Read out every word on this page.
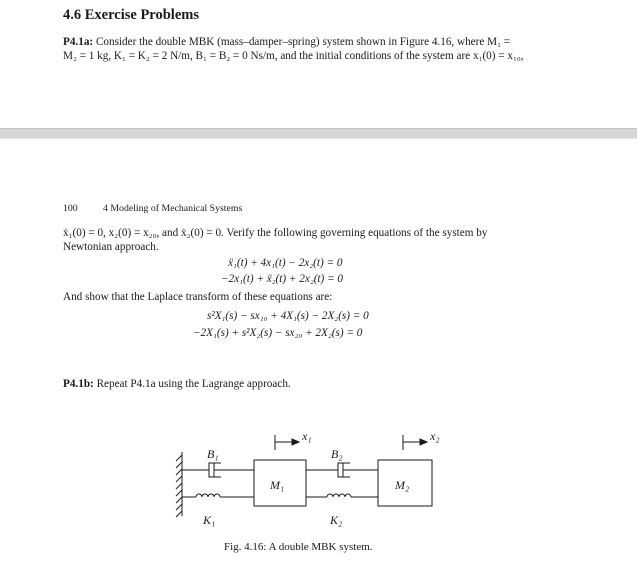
4.6 Exercise Problems
P4.1a: Consider the double MBK (mass–damper–spring) system shown in Figure 4.16, where M₁ =
M₂ = 1 kg, K₁ = K₂ = 2 N/m, B₁ = B₂ = 0 Ns/m, and the initial conditions of the system are x₁(0) = x₁₀,
100	4 Modeling of Mechanical Systems
ẋ₁(0) = 0, x₂(0) = x₂₀, and ẋ₂(0) = 0. Verify the following governing equations of the system by
Newtonian approach.
ẍ₁(t) + 4x₁(t) − 2x₂(t) = 0
−2x₁(t) + ẍ₂(t) + 2x₂(t) = 0
And show that the Laplace transform of these equations are:
s²X₁(s) − sx₁₀ + 4X₁(s) − 2X₂(s) = 0
−2X₁(s) + s²X₂(s) − sx₂₀ + 2X₂(s) = 0
P4.1b: Repeat P4.1a using the Lagrange approach.
B₁	B₂
K₁	K₂
M₁	M₂
x₁	x₂
Fig. 4.16: A double MBK system.
